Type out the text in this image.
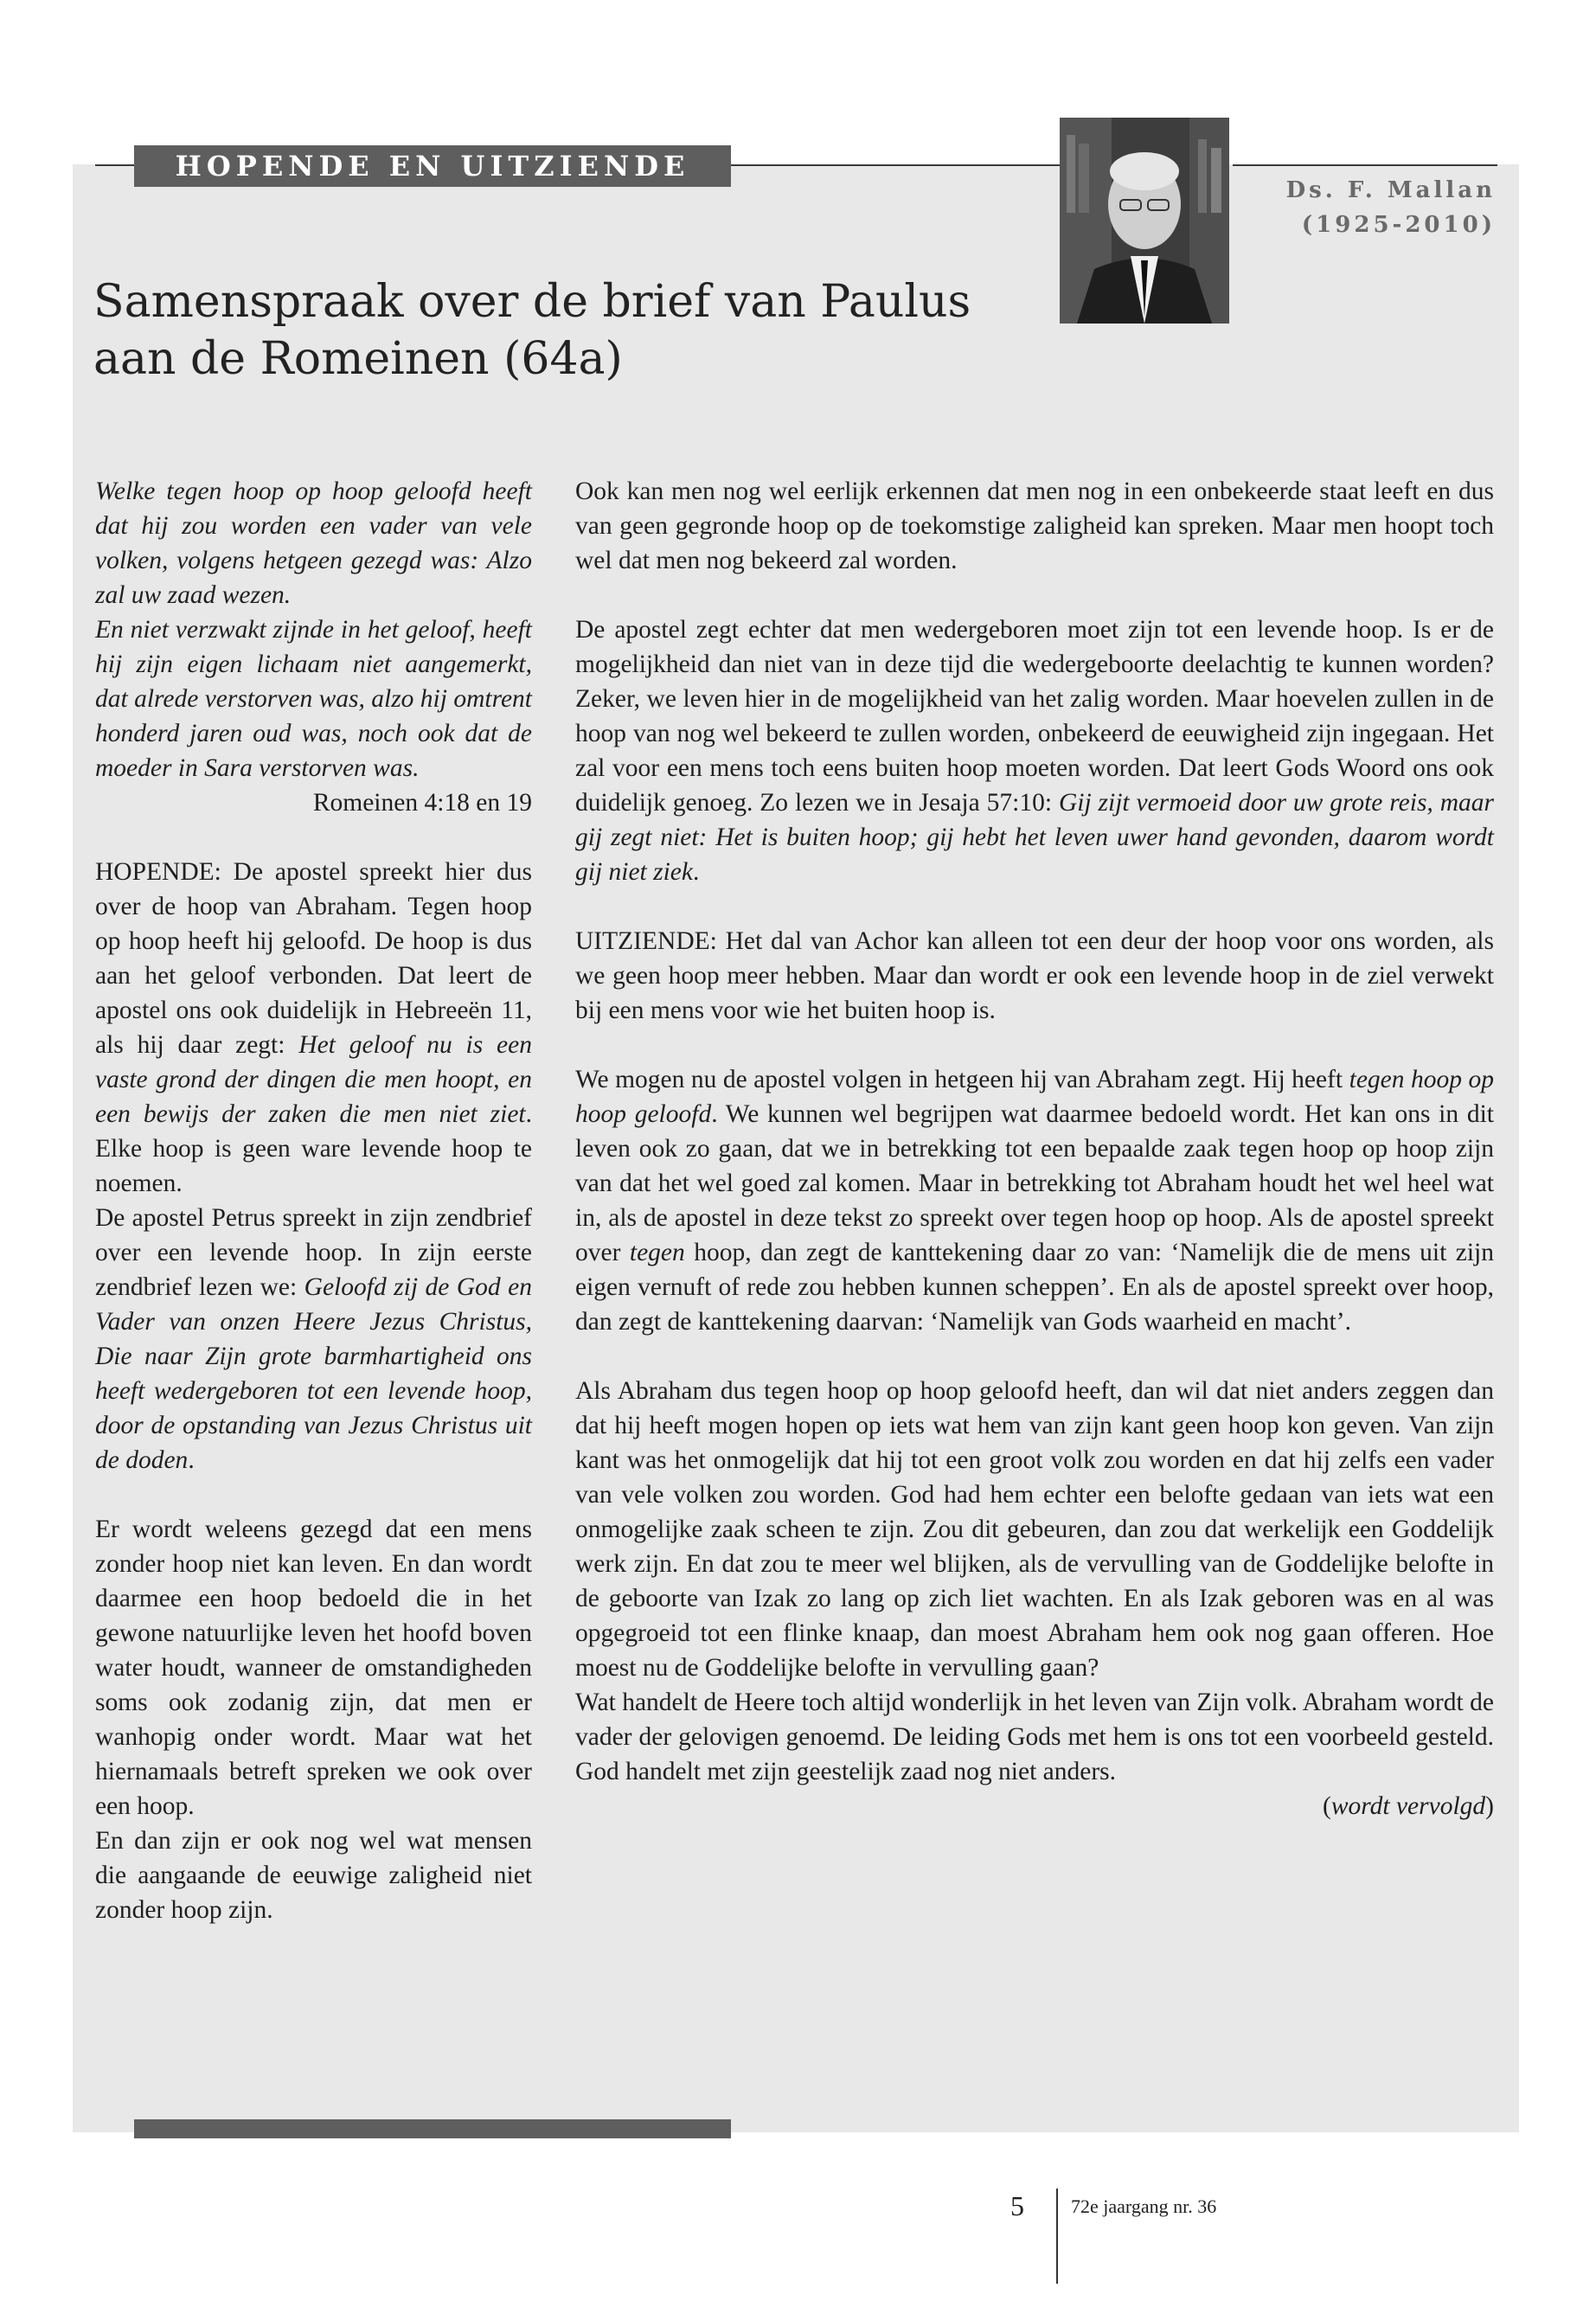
HOPENDE EN UITZIENDE
Ds. F. Mallan
(1925-2010)
Samenspraak over de brief van Paulus
aan de Romeinen (64a)

Welke tegen hoop op hoop geloofd heeft dat hij zou worden een vader van vele volken, volgens hetgeen gezegd was: Alzo zal uw zaad wezen.

En niet verzwakt zijnde in het geloof, heeft hij zijn eigen lichaam niet aangemerkt, dat alrede verstorven was, alzo hij omtrent honderd jaren oud was, noch ook dat de moeder in Sara verstorven was.

Romeinen 4:18 en 19

HOPENDE: De apostel spreekt hier dus over de hoop van Abraham. Tegen hoop op hoop heeft hij geloofd. De hoop is dus aan het geloof verbonden. Dat leert de apostel ons ook duidelijk in Hebreeën 11, als hij daar zegt: Het geloof nu is een vaste grond der dingen die men hoopt, en een bewijs der zaken die men niet ziet. Elke hoop is geen ware levende hoop te noemen.

De apostel Petrus spreekt in zijn zendbrief over een levende hoop. In zijn eerste zendbrief lezen we: Geloofd zij de God en Vader van onzen Heere Jezus Christus, Die naar Zijn grote barmhartigheid ons heeft wedergeboren tot een levende hoop, door de opstanding van Jezus Christus uit de doden.

Er wordt weleens gezegd dat een mens zonder hoop niet kan leven. En dan wordt daarmee een hoop bedoeld die in het gewone natuurlijke leven het hoofd boven water houdt, wanneer de omstandigheden soms ook zodanig zijn, dat men er wanhopig onder wordt. Maar wat het hiernamaals betreft spreken we ook over een hoop.

En dan zijn er ook nog wel wat mensen die aangaande de eeuwige zaligheid niet zonder hoop zijn.

Ook kan men nog wel eerlijk erkennen dat men nog in een onbekeerde staat leeft en dus van geen gegronde hoop op de toekomstige zaligheid kan spreken. Maar men hoopt toch wel dat men nog bekeerd zal worden.

De apostel zegt echter dat men wedergeboren moet zijn tot een levende hoop. Is er de mogelijkheid dan niet van in deze tijd die wedergeboorte deelachtig te kunnen worden? Zeker, we leven hier in de mogelijkheid van het zalig worden. Maar hoevelen zullen in de hoop van nog wel bekeerd te zullen worden, onbekeerd de eeuwigheid zijn ingegaan. Het zal voor een mens toch eens buiten hoop moeten worden. Dat leert Gods Woord ons ook duidelijk genoeg. Zo lezen we in Jesaja 57:10: Gij zijt vermoeid door uw grote reis, maar gij zegt niet: Het is buiten hoop; gij hebt het leven uwer hand gevonden, daarom wordt gij niet ziek.

UITZIENDE: Het dal van Achor kan alleen tot een deur der hoop voor ons worden, als we geen hoop meer hebben. Maar dan wordt er ook een levende hoop in de ziel verwekt bij een mens voor wie het buiten hoop is.

We mogen nu de apostel volgen in hetgeen hij van Abraham zegt. Hij heeft tegen hoop op hoop geloofd. We kunnen wel begrijpen wat daarmee bedoeld wordt. Het kan ons in dit leven ook zo gaan, dat we in betrekking tot een bepaalde zaak tegen hoop op hoop zijn van dat het wel goed zal komen. Maar in betrekking tot Abraham houdt het wel heel wat in, als de apostel in deze tekst zo spreekt over tegen hoop op hoop. Als de apostel spreekt over tegen hoop, dan zegt de kanttekening daar zo van: ‘Namelijk die de mens uit zijn eigen vernuft of rede zou hebben kunnen scheppen’. En als de apostel spreekt over hoop, dan zegt de kanttekening daarvan: ‘Namelijk van Gods waarheid en macht’.

Als Abraham dus tegen hoop op hoop geloofd heeft, dan wil dat niet anders zeggen dan dat hij heeft mogen hopen op iets wat hem van zijn kant geen hoop kon geven. Van zijn kant was het onmogelijk dat hij tot een groot volk zou worden en dat hij zelfs een vader van vele volken zou worden. God had hem echter een belofte gedaan van iets wat een onmogelijke zaak scheen te zijn. Zou dit gebeuren, dan zou dat werkelijk een Goddelijk werk zijn. En dat zou te meer wel blijken, als de vervulling van de Goddelijke belofte in de geboorte van Izak zo lang op zich liet wachten. En als Izak geboren was en al was opgegroeid tot een flinke knaap, dan moest Abraham hem ook nog gaan offeren. Hoe moest nu de Goddelijke belofte in vervulling gaan?

Wat handelt de Heere toch altijd wonderlijk in het leven van Zijn volk. Abraham wordt de vader der gelovigen genoemd. De leiding Gods met hem is ons tot een voorbeeld gesteld. God handelt met zijn geestelijk zaad nog niet anders.

(wordt vervolgd)

5 72e jaargang nr. 36
